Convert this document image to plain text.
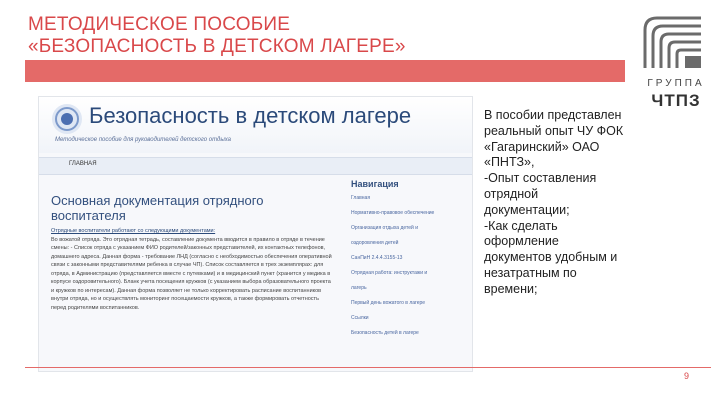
МЕТОДИЧЕСКОЕ ПОСОБИЕ
«БЕЗОПАСНОСТЬ В ДЕТСКОМ ЛАГЕРЕ»
ГРУППА
ЧТПЗ
Безопасность в детском лагере
Методическое пособие для руководителей детского отдыха
ГЛАВНАЯ
Основная документация отрядного воспитателя
Отрядные воспитатели работают со следующими документами:
Во вожатой отряда. Это отрядная тетрадь, составление документа вводится в правило в отряде в течение смены: - Список отряда с указанием ФИО родителей/законных представителей, их контактных телефонов, домашнего адреса. Данная форма - требование ЛНД (согласно с необходимостью обеспечения оперативной связи с законными представителями ребенка в случае ЧП). Список составляется в трех экземплярах: для отряда, в Администрацию (представляется вместе с путевками) и в медицинский пункт (хранится у медика в корпусе оздоровительного). Бланк учета посещения кружков (с указанием выбора образовательного проекта и кружков по интересам). Данная форма позволяет не только корректировать расписание воспитанников внутри отряда, но и осуществлять мониторинг посещаемости кружков, а также формировать отчетность перед родителями воспитанников.
Навигация
Главная
Нормативно-правовое обеспечение
Организация отдыха детей и
оздоровления детей
СанПиН 2.4.4.3155-13
Отрядная работа: инструктажи и
лагерь
Первый день вожатого в лагере
Ссылки
Безопасность детей в лагере
В пособии представлен
реальный опыт ЧУ ФОК
«Гагаринский» ОАО
«ПНТЗ»,
-Опыт составления
отрядной
документации;
-Как сделать
оформление
документов удобным и
незатратным по
времени;
9
